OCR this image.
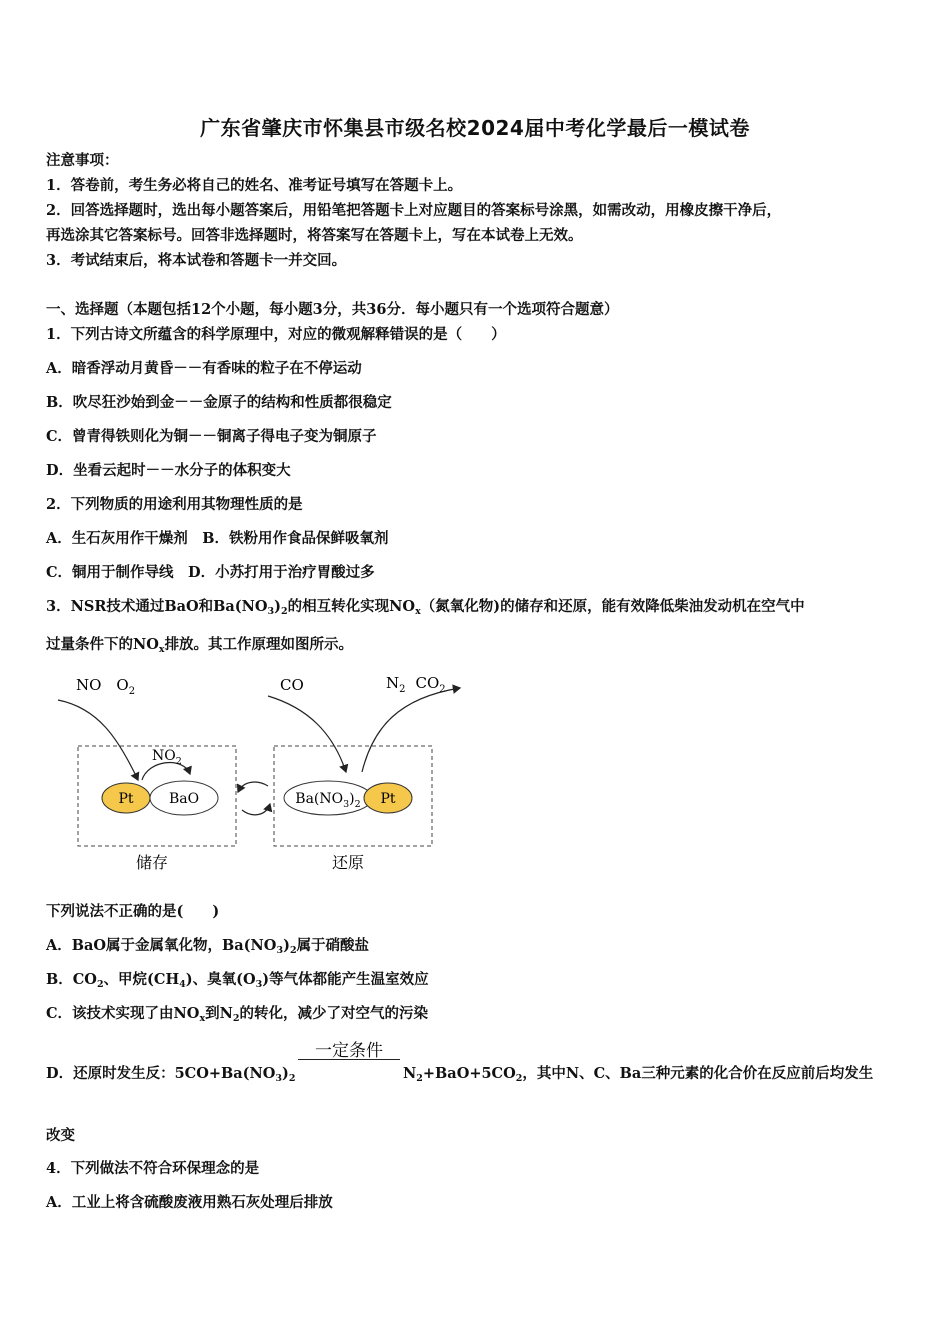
广东省肇庆市怀集县市级名校2024届中考化学最后一模试卷
注意事项：
1．答卷前，考生务必将自己的姓名、准考证号填写在答题卡上。
2．回答选择题时，选出每小题答案后，用铅笔把答题卡上对应题目的答案标号涂黑，如需改动，用橡皮擦干净后，
再选涂其它答案标号。回答非选择题时，将答案写在答题卡上，写在本试卷上无效。
3．考试结束后，将本试卷和答题卡一并交回。
一、选择题（本题包括12个小题，每小题3分，共36分．每小题只有一个选项符合题意）
1．下列古诗文所蕴含的科学原理中，对应的微观解释错误的是（　　）
A．暗香浮动月黄昏－－有香味的粒子在不停运动
B．吹尽狂沙始到金－－金原子的结构和性质都很稳定
C．曾青得铁则化为铜－－铜离子得电子变为铜原子
D．坐看云起时－－水分子的体积变大
2．下列物质的用途利用其物理性质的是
A．生石灰用作干燥剂　B．铁粉用作食品保鲜吸氧剂
C．铜用于制作导线　D．小苏打用于治疗胃酸过多
3．NSR技术通过BaO和$Ba(NO_3)_2$的相互转化实现$NO_x$（氮氧化物)的储存和还原，能有效降低柴油发动机在空气中
过量条件下的$NO_x$排放。其工作原理如图所示。
NO　$O_2$	CO	$N_2$ $CO_2$
$NO_2$
Pt	BaO	$Ba(NO_3)_2$ Pt
储存	还原
下列说法不正确的是(　　)
A．BaO属于金属氧化物，$Ba(NO_3)_2$属于硝酸盐
B．$CO_2$、甲烷$(CH_4)$、臭氧$(O_3)$等气体都能产生温室效应
C．该技术实现了由$NO_x$到$N_2$的转化，减少了对空气的污染
一定条件
D．还原时发生反：$5CO+Ba(NO_3)_2$	$N_2+BaO+5CO_2$，其中N、C、Ba三种元素的化合价在反应前后均发生
改变
4．下列做法不符合环保理念的是
A．工业上将含硫酸废液用熟石灰处理后排放
